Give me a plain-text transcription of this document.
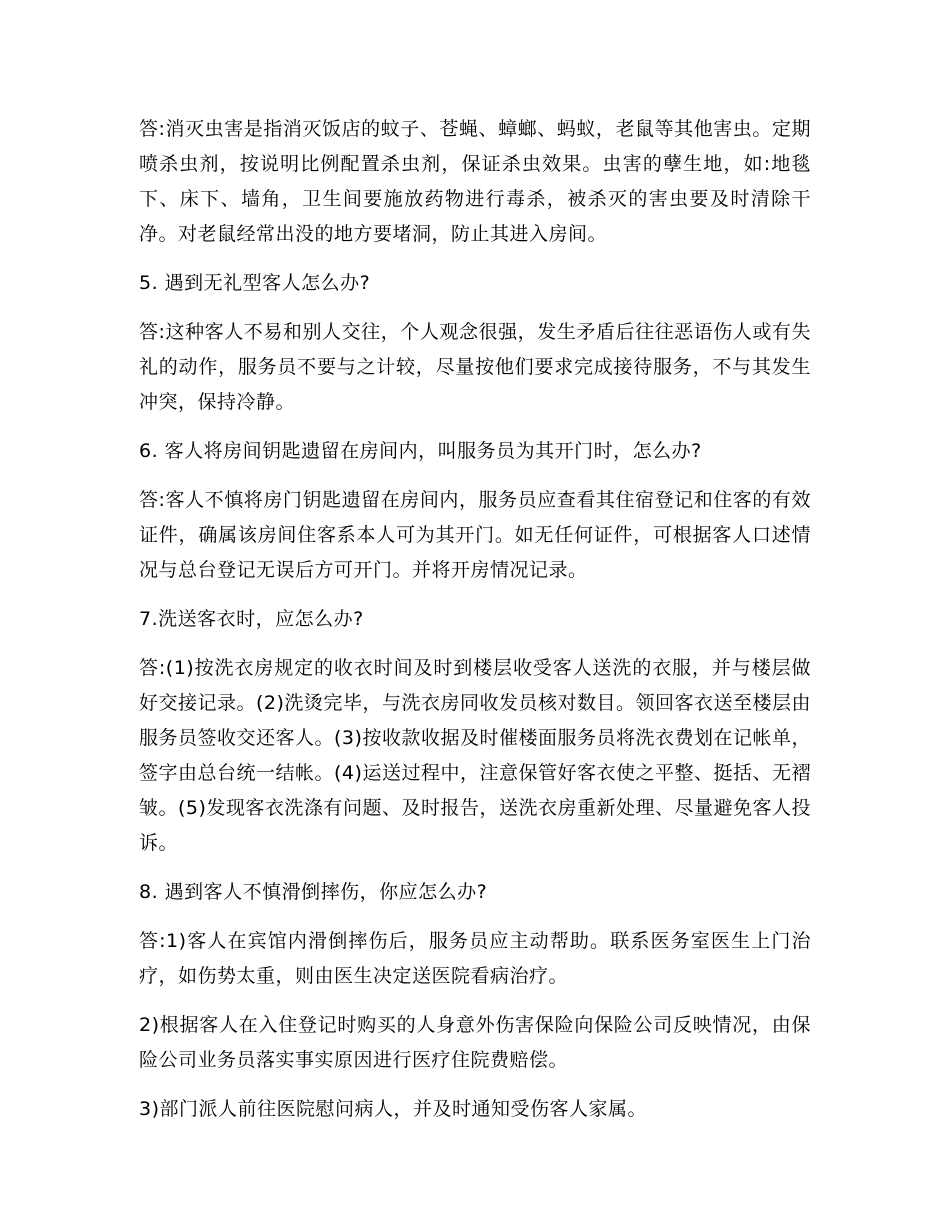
答:消灭虫害是指消灭饭店的蚊子、苍蝇、蟑螂、蚂蚁，老鼠等其他害虫。定期喷杀虫剂，按说明比例配置杀虫剂，保证杀虫效果。虫害的孽生地，如:地毯下、床下、墙角，卫生间要施放药物进行毒杀，被杀灭的害虫要及时清除干净。对老鼠经常出没的地方要堵洞，防止其进入房间。

5. 遇到无礼型客人怎么办?

答:这种客人不易和别人交往，个人观念很强，发生矛盾后往往恶语伤人或有失礼的动作，服务员不要与之计较，尽量按他们要求完成接待服务，不与其发生冲突，保持冷静。

6. 客人将房间钥匙遗留在房间内，叫服务员为其开门时，怎么办?

答:客人不慎将房门钥匙遗留在房间内，服务员应查看其住宿登记和住客的有效证件，确属该房间住客系本人可为其开门。如无任何证件，可根据客人口述情况与总台登记无误后方可开门。并将开房情况记录。

7.洗送客衣时，应怎么办?

答:(1)按洗衣房规定的收衣时间及时到楼层收受客人送洗的衣服，并与楼层做好交接记录。(2)洗烫完毕，与洗衣房同收发员核对数目。领回客衣送至楼层由服务员签收交还客人。(3)按收款收据及时催楼面服务员将洗衣费划在记帐单，签字由总台统一结帐。(4)运送过程中，注意保管好客衣使之平整、挺括、无褶皱。(5)发现客衣洗涤有问题、及时报告，送洗衣房重新处理、尽量避免客人投诉。

8. 遇到客人不慎滑倒摔伤，你应怎么办?

答:1)客人在宾馆内滑倒摔伤后，服务员应主动帮助。联系医务室医生上门治疗，如伤势太重，则由医生决定送医院看病治疗。

2)根据客人在入住登记时购买的人身意外伤害保险向保险公司反映情况，由保险公司业务员落实事实原因进行医疗住院费赔偿。

3)部门派人前往医院慰问病人，并及时通知受伤客人家属。
